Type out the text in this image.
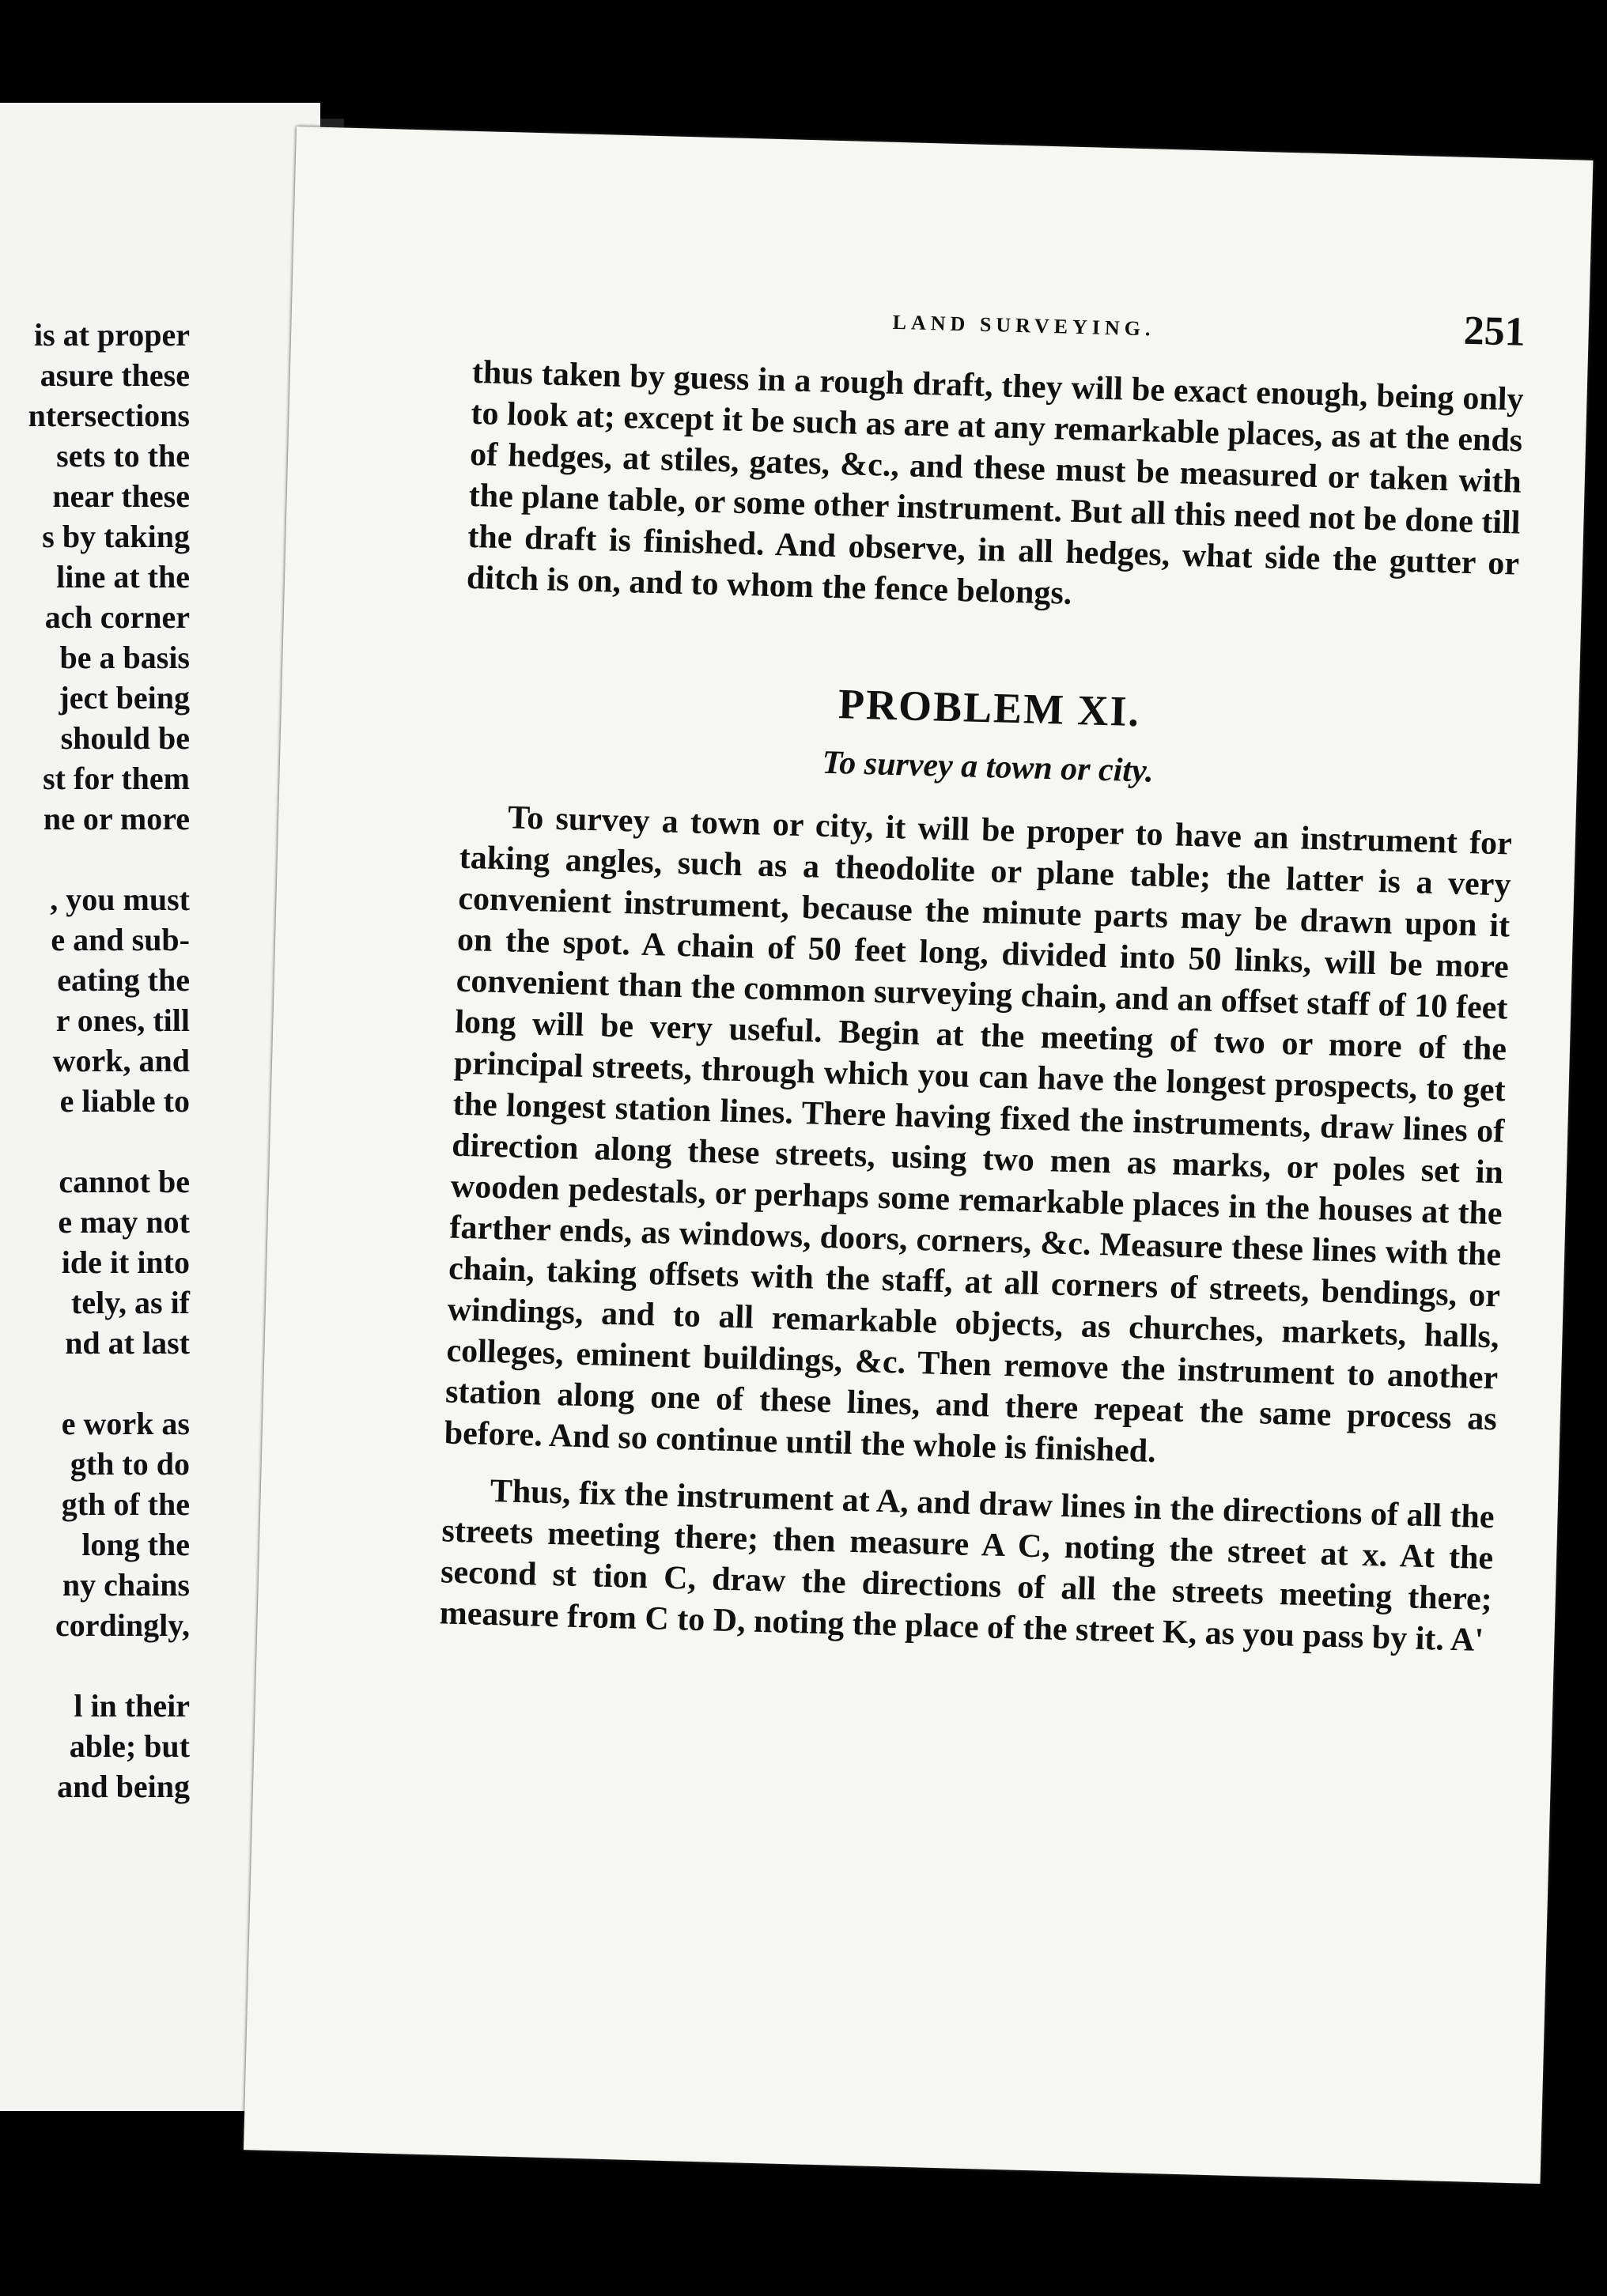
is at proper
asure these
ntersections
sets to the
near these
s by taking
line at the
ach corner
be a basis
ject being
should be
st for them
ne or more
, you must
e and sub-
eating the
r ones, till
work, and
e liable to
cannot be
e may not
ide it into
tely, as if
nd at last
e work as
gth to do
gth of the
long the
ny chains
cordingly,
l in their
able; but
and being
LAND SURVEYING.	251

thus taken by guess in a rough draft, they will be exact enough, being only to look at; except it be such as are at any remarkable places, as at the ends of hedges, at stiles, gates, &c., and these must be measured or taken with the plane table, or some other instrument. But all this need not be done till the draft is finished. And observe, in all hedges, what side the gutter or ditch is on, and to whom the fence belongs.

PROBLEM XI.
To survey a town or city.

To survey a town or city, it will be proper to have an instrument for taking angles, such as a theodolite or plane table; the latter is a very convenient instrument, because the minute parts may be drawn upon it on the spot. A chain of 50 feet long, divided into 50 links, will be more convenient than the common surveying chain, and an offset staff of 10 feet long will be very useful. Begin at the meeting of two or more of the principal streets, through which you can have the longest prospects, to get the longest station lines. There having fixed the instruments, draw lines of direction along these streets, using two men as marks, or poles set in wooden pedestals, or perhaps some remarkable places in the houses at the farther ends, as windows, doors, corners, &c. Measure these lines with the chain, taking offsets with the staff, at all corners of streets, bendings, or windings, and to all remarkable objects, as churches, markets, halls, colleges, eminent buildings, &c. Then remove the instrument to another station along one of these lines, and there repeat the same process as before. And so continue until the whole is finished.

Thus, fix the instrument at A, and draw lines in the directions of all the streets meeting there; then measure A C, noting the street at x. At the second st tion C, draw the directions of all the streets meeting there; measure from C to D, noting the place of the street K, as you pass by it. A'
